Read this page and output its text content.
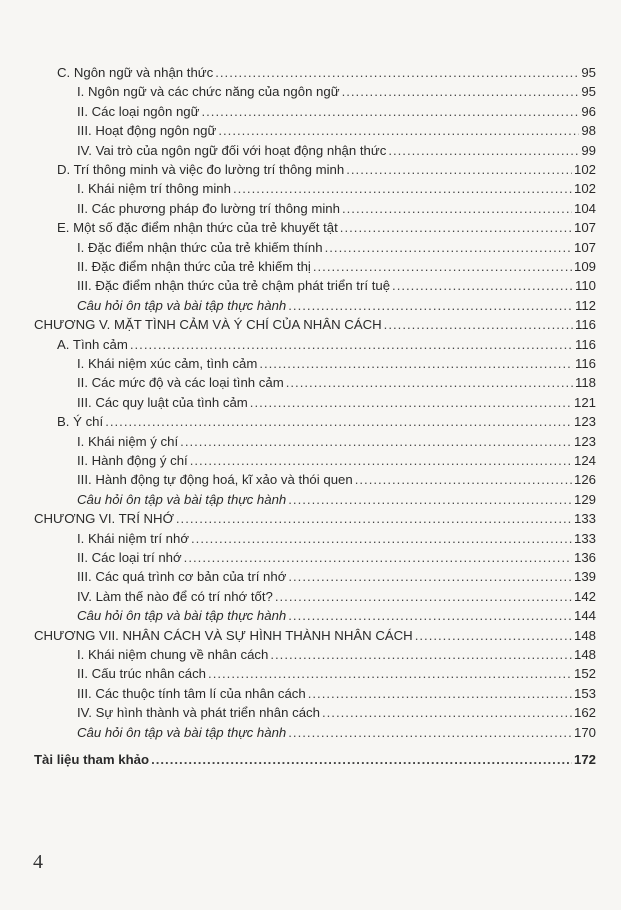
C. Ngôn ngữ và nhận thức .....	95
I. Ngôn ngữ và các chức năng của ngôn ngữ .....	95
II. Các loại ngôn ngữ .....	96
III. Hoạt động ngôn ngữ .....	98
IV. Vai trò của ngôn ngữ đối với hoạt động nhận thức .....	99
D. Trí thông minh và việc đo lường trí thông minh .....	102
I. Khái niệm trí thông minh .....	102
II. Các phương pháp đo lường trí thông minh .....	104
E. Một số đặc điểm nhận thức của trẻ khuyết tật .....	107
I. Đặc điểm nhận thức của trẻ khiếm thính .....	107
II. Đặc điểm nhận thức của trẻ khiếm thị .....	109
III. Đặc điểm nhận thức của trẻ chậm phát triển trí tuệ .....	110
Câu hỏi ôn tập và bài tập thực hành .....	112
CHƯƠNG V. MẶT TÌNH CẢM VÀ Ý CHÍ CỦA NHÂN CÁCH .....	116
A. Tình cảm .....	116
I. Khái niệm xúc cảm, tình cảm .....	116
II. Các mức độ và các loại tình cảm .....	118
III. Các quy luật của tình cảm .....	121
B. Ý chí .....	123
I. Khái niệm ý chí .....	123
II. Hành động ý chí .....	124
III. Hành động tự động hoá, kĩ xảo và thói quen .....	126
Câu hỏi ôn tập và bài tập thực hành .....	129
CHƯƠNG VI. TRÍ NHỚ .....	133
I. Khái niệm trí nhớ .....	133
II. Các loại trí nhớ .....	136
III. Các quá trình cơ bản của trí nhớ .....	139
IV. Làm thế nào để có trí nhớ tốt? .....	142
Câu hỏi ôn tập và bài tập thực hành .....	144
CHƯƠNG VII. NHÂN CÁCH VÀ SỰ HÌNH THÀNH NHÂN CÁCH .....	148
I. Khái niệm chung về nhân cách .....	148
II. Cấu trúc nhân cách .....	152
III. Các thuộc tính tâm lí của nhân cách .....	153
IV. Sự hình thành và phát triển nhân cách .....	162
Câu hỏi ôn tập và bài tập thực hành .....	170
Tài liệu tham khảo .....	172
4
